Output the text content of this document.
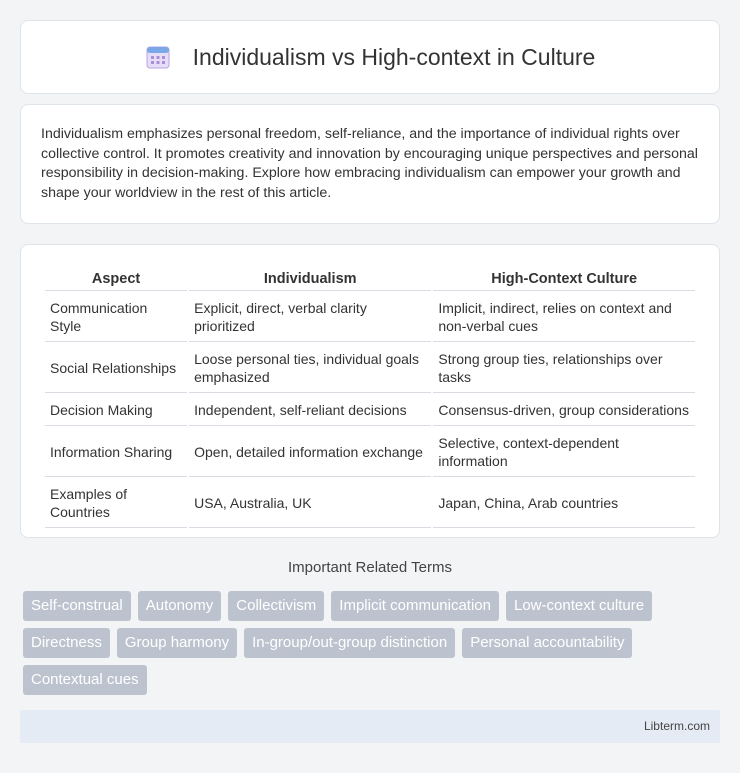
Individualism vs High-context in Culture

Individualism emphasizes personal freedom, self-reliance, and the importance of individual rights over collective control. It promotes creativity and innovation by encouraging unique perspectives and personal responsibility in decision-making. Explore how embracing individualism can empower your growth and shape your worldview in the rest of this article.

Aspect	Individualism	High-Context Culture
Communication Style	Explicit, direct, verbal clarity prioritized	Implicit, indirect, relies on context and non-verbal cues
Social Relationships	Loose personal ties, individual goals emphasized	Strong group ties, relationships over tasks
Decision Making	Independent, self-reliant decisions	Consensus-driven, group considerations
Information Sharing	Open, detailed information exchange	Selective, context-dependent information
Examples of Countries	USA, Australia, UK	Japan, China, Arab countries
Important Related Terms
Self-construal	Autonomy	Collectivism	Implicit communication	Low-context culture
Directness	Group harmony	In-group/out-group distinction	Personal accountability
Contextual cues
Libterm.com
